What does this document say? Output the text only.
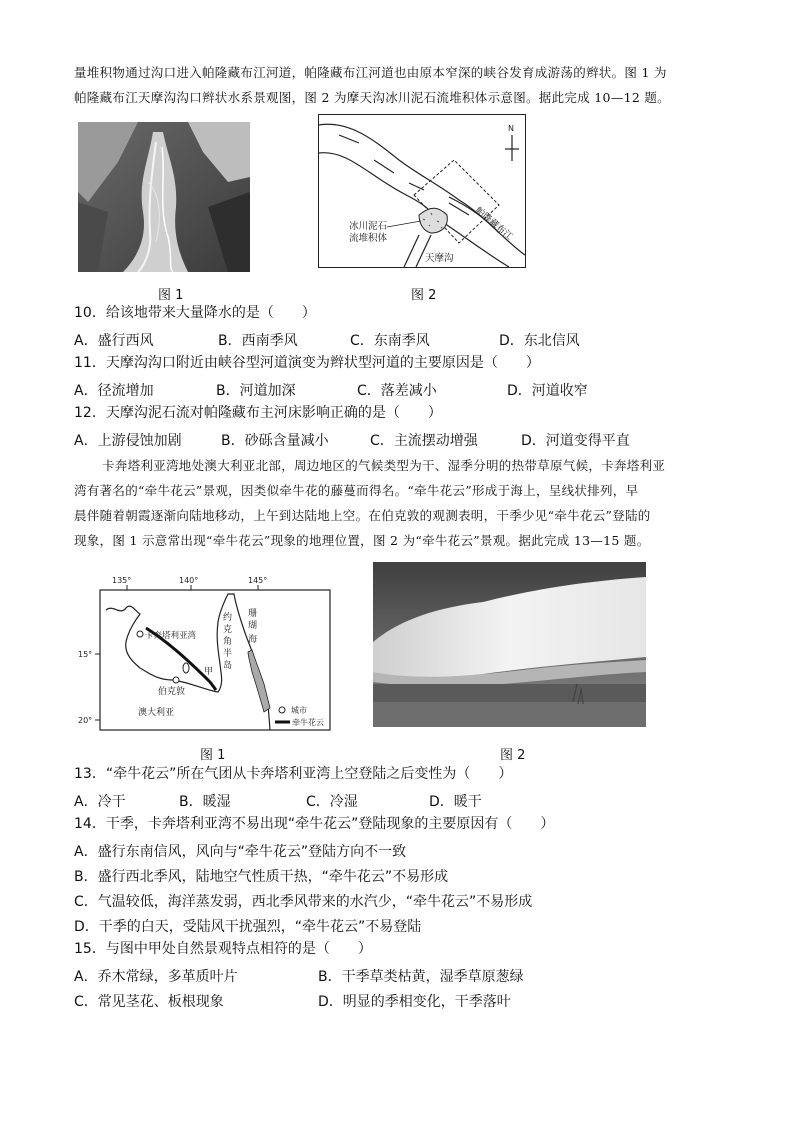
量堆积物通过沟口进入帕隆藏布江河道，帕隆藏布江河道也由原本窄深的峡谷发育成游荡的辫状。图 1 为
帕隆藏布江天摩沟沟口辫状水系景观图，图 2 为摩天沟冰川泥石流堆积体示意图。据此完成 10—12 题。
N
冰川泥石
流堆积体	帕隆藏布江
天摩沟
图 1	图 2
10．给该地带来大量降水的是（　　）
A．盛行西风	B．西南季风	C．东南季风	D．东北信风
11．天摩沟沟口附近由峡谷型河道演变为辫状型河道的主要原因是（　　）
A．径流增加	B．河道加深	C．落差减小	D．河道收窄
12．天摩沟泥石流对帕隆藏布主河床影响正确的是（　　）
A．上游侵蚀加剧	B．砂砾含量减小	C．主流摆动增强	D．河道变得平直
卡奔塔利亚湾地处澳大利亚北部，周边地区的气候类型为干、湿季分明的热带草原气候，卡奔塔利亚
湾有著名的“牵牛花云”景观，因类似牵牛花的藤蔓而得名。“牵牛花云”形成于海上，呈线状排列，早
晨伴随着朝霞逐渐向陆地移动，上午到达陆地上空。在伯克敦的观测表明，干季少见“牵牛花云”登陆的
现象，图 1 示意常出现“牵牛花云”现象的地理位置，图 2 为“牵牛花云”景观。据此完成 13—15 题。
135°	140°	145°
15°
20°
卡奔塔利亚湾
约
克
角
半
岛
珊
瑚
海
甲
伯克敦
澳大利亚	城市
牵牛花云
图 1	图 2
13．“牵牛花云”所在气团从卡奔塔利亚湾上空登陆之后变性为（　　）
A．冷干	B．暖湿	C．冷湿	D．暖干
14．干季，卡奔塔利亚湾不易出现“牵牛花云”登陆现象的主要原因有（　　）
A．盛行东南信风，风向与“牵牛花云”登陆方向不一致
B．盛行西北季风，陆地空气性质干热，“牵牛花云”不易形成
C．气温较低，海洋蒸发弱，西北季风带来的水汽少，“牵牛花云”不易形成
D．干季的白天，受陆风干扰强烈，“牵牛花云”不易登陆
15．与图中甲处自然景观特点相符的是（　　）
A．乔木常绿，多革质叶片	B．干季草类枯黄，湿季草原葱绿
C．常见茎花、板根现象	D．明显的季相变化，干季落叶
